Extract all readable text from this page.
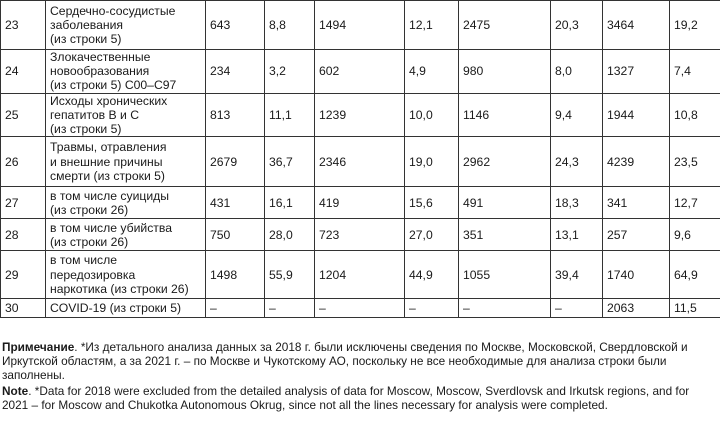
23	Сердечно-сосудистые
заболевания
(из строки 5)	643	8,8	1494	12,1	2475	20,3	3464	19,2
24	Злокачественные
новообразования
(из строки 5) С00–С97	234	3,2	602	4,9	980	8,0	1327	7,4
25	Исходы хронических
гепатитов В и С
(из строки 5)	813	11,1	1239	10,0	1146	9,4	1944	10,8
26	Травмы, отравления
и внешние причины
смерти (из строки 5)	2679	36,7	2346	19,0	2962	24,3	4239	23,5
27	в том числе суициды
(из строки 26)	431	16,1	419	15,6	491	18,3	341	12,7
28	в том числе убийства
(из строки 26)	750	28,0	723	27,0	351	13,1	257	9,6
29	в том числе
передозировка
наркотика (из строки 26)	1498	55,9	1204	44,9	1055	39,4	1740	64,9
30	COVID-19 (из строки 5)	–	–	–	–	–	–	2063	11,5

Примечание. *Из детального анализа данных за 2018 г. были исключены сведения по Москве, Московской, Свердловской и Иркутской областям, а за 2021 г. – по Москве и Чукотскому АО, поскольку не все необходимые для анализа строки были заполнены.

Note. *Data for 2018 were excluded from the detailed analysis of data for Moscow, Moscow, Sverdlovsk and Irkutsk regions, and for 2021 – for Moscow and Chukotka Autonomous Okrug, since not all the lines necessary for analysis were completed.
